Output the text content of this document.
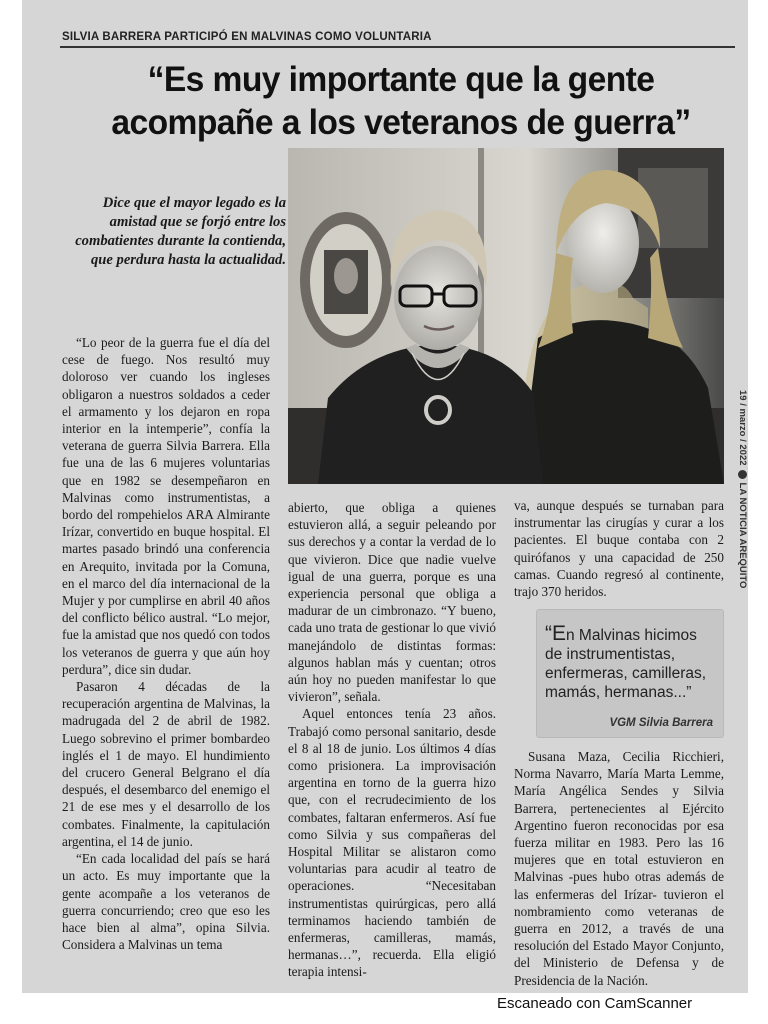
SILVIA BARRERA PARTICIPÓ EN MALVINAS COMO VOLUNTARIA
“Es muy importante que la gente acompañe a los veteranos de guerra”
Dice que el mayor legado es la amistad que se forjó entre los combatientes durante la contienda, que perdura hasta la actualidad.

“Lo peor de la guerra fue el día del cese de fuego. Nos resultó muy doloroso ver cuando los ingleses obligaron a nuestros soldados a ceder el armamento y los dejaron en ropa interior en la intemperie”, confía la veterana de guerra Silvia Barrera. Ella fue una de las 6 mujeres voluntarias que en 1982 se desempeñaron en Malvinas como instrumentistas, a bordo del rompehielos ARA Almirante Irízar, convertido en buque hospital. El martes pasado brindó una conferencia en Arequito, invitada por la Comuna, en el marco del día internacional de la Mujer y por cumplirse en abril 40 años del conflicto bélico austral. “Lo mejor, fue la amistad que nos quedó con todos los veteranos de guerra y que aún hoy perdura”, dice sin dudar.

Pasaron 4 décadas de la recuperación argentina de Malvinas, la madrugada del 2 de abril de 1982. Luego sobrevino el primer bombardeo inglés el 1 de mayo. El hundimiento del crucero General Belgrano el día después, el desembarco del enemigo el 21 de ese mes y el desarrollo de los combates. Finalmente, la capitulación argentina, el 14 de junio.

“En cada localidad del país se hará un acto. Es muy importante que la gente acompañe a los veteranos de guerra concurriendo; creo que eso les hace bien al alma”, opina Silvia. Considera a Malvinas un tema

abierto, que obliga a quienes estuvieron allá, a seguir peleando por sus derechos y a contar la verdad de lo que vivieron. Dice que nadie vuelve igual de una guerra, porque es una experiencia personal que obliga a madurar de un cimbronazo. “Y bueno, cada uno trata de gestionar lo que vivió manejándolo de distintas formas: algunos hablan más y cuentan; otros aún hoy no pueden manifestar lo que vivieron”, señala.

Aquel entonces tenía 23 años. Trabajó como personal sanitario, desde el 8 al 18 de junio. Los últimos 4 días como prisionera. La improvisación argentina en torno de la guerra hizo que, con el recrudecimiento de los combates, faltaran enfermeros. Así fue como Silvia y sus compañeras del Hospital Militar se alistaron como voluntarias para acudir al teatro de operaciones. “Necesitaban instrumentistas quirúrgicas, pero allá terminamos haciendo también de enfermeras, camilleras, mamás, hermanas…”, recuerda. Ella eligió terapia intensi-

va, aunque después se turnaban para instrumentar las cirugías y curar a los pacientes. El buque contaba con 2 quirófanos y una capacidad de 250 camas. Cuando regresó al continente, trajo 370 heridos.

“En Malvinas hicimos de instrumentistas, enfermeras, camilleras, mamás, hermanas...”
VGM Silvia Barrera

Susana Maza, Cecilia Ricchieri, Norma Navarro, María Marta Lemme, María Angélica Sendes y Silvia Barrera, pertenecientes al Ejército Argentino fueron reconocidas por esa fuerza militar en 1983. Pero las 16 mujeres que en total estuvieron en Malvinas -pues hubo otras además de las enfermeras del Irízar- tuvieron el nombramiento como veteranas de guerra en 2012, a través de una resolución del Estado Mayor Conjunto, del Ministerio de Defensa y de Presidencia de la Nación.

19 / marzo / 2022LA NOTICIA AREQUITO
Escaneado con CamScanner
